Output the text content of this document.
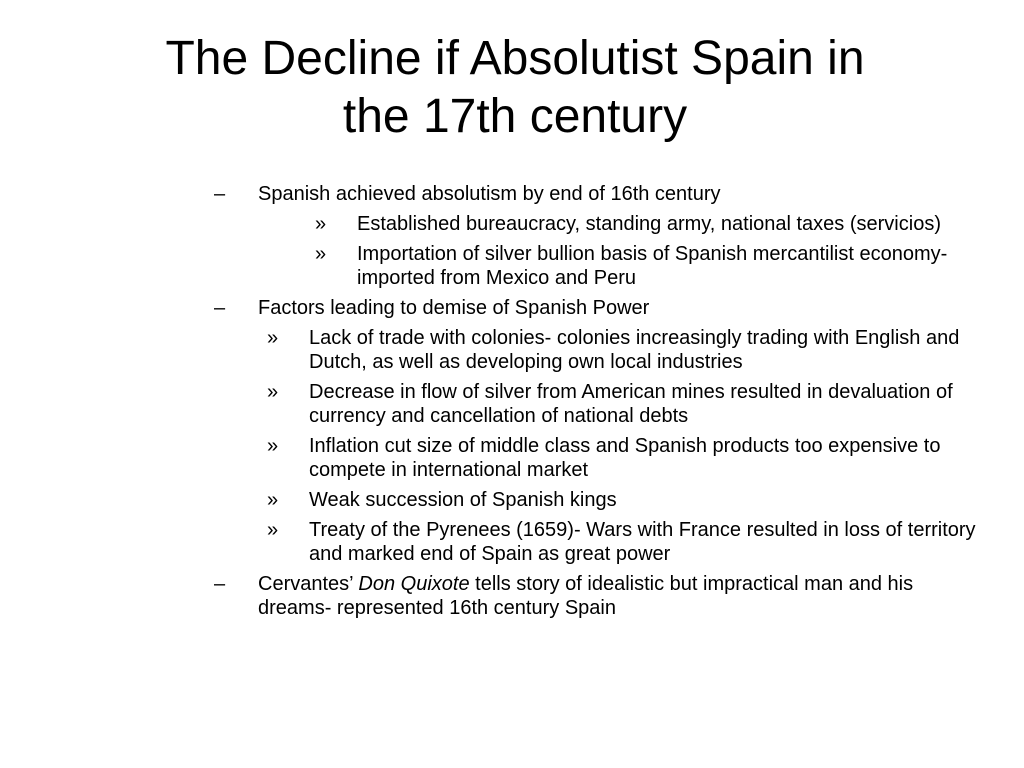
The Decline if Absolutist Spain in
the 17th century
– Spanish achieved absolutism by end of 16th century
» Established bureaucracy, standing army, national taxes (servicios)
» Importation of silver bullion basis of Spanish mercantilist economy- imported from Mexico and Peru
– Factors leading to demise of Spanish Power
» Lack of trade with colonies- colonies increasingly trading with English and Dutch, as well as developing own local industries
» Decrease in flow of silver from American mines resulted in devaluation of currency and cancellation of national debts
» Inflation cut size of middle class and Spanish products too expensive to compete in international market
» Weak succession of Spanish kings
» Treaty of the Pyrenees (1659)- Wars with France resulted in loss of territory and marked end of Spain as great power
– Cervantes’ Don Quixote tells story of idealistic but impractical man and his dreams- represented 16th century Spain
